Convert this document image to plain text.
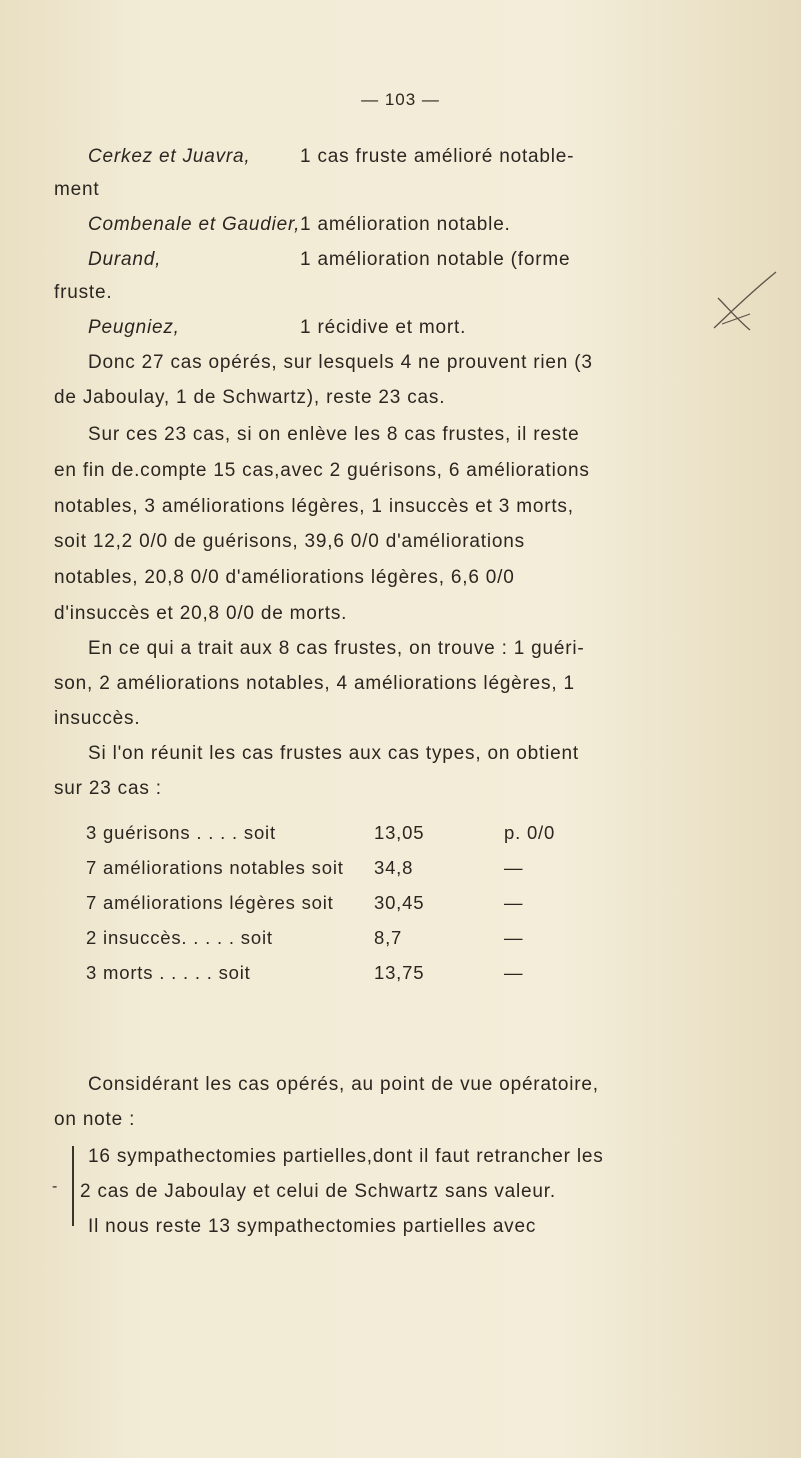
— 103 —
Cerkez et Juavra,	1 cas fruste amélioré notable-
ment
Combenale et Gaudier, 1 amélioration notable.
Durand,	1 amélioration notable (forme
fruste.
Peugniez,	1 récidive et mort.
Donc 27 cas opérés, sur lesquels 4 ne prouvent rien (3
de Jaboulay, 1 de Schwartz), reste 23 cas.
Sur ces 23 cas, si on enlève les 8 cas frustes, il reste
en fin de.compte 15 cas,avec 2 guérisons, 6 améliorations
notables, 3 améliorations légères, 1 insuccès et 3 morts,
soit 12,2 0/0 de guérisons, 39,6 0/0 d'améliorations
notables, 20,8 0/0 d'améliorations légères, 6,6 0/0
d'insuccès et 20,8 0/0 de morts.
En ce qui a trait aux 8 cas frustes, on trouve : 1 guéri-
son, 2 améliorations notables, 4 améliorations légères, 1
insuccès.
Si l'on réunit les cas frustes aux cas types, on obtient
sur 23 cas :
3 guérisons . . . . soit	13,05	p. 0/0
7 améliorations notables soit 34,8	—
7 améliorations légères soit 30,45	—
2 insuccès. . . . . soit	8,7	—
3 morts . . . . . soit	13,75	—
Considérant les cas opérés, au point de vue opératoire,
on note :
16 sympathectomies partielles,dont il faut retrancher les
2 cas de Jaboulay et celui de Schwartz sans valeur.
Il nous reste 13 sympathectomies partielles avec
-
